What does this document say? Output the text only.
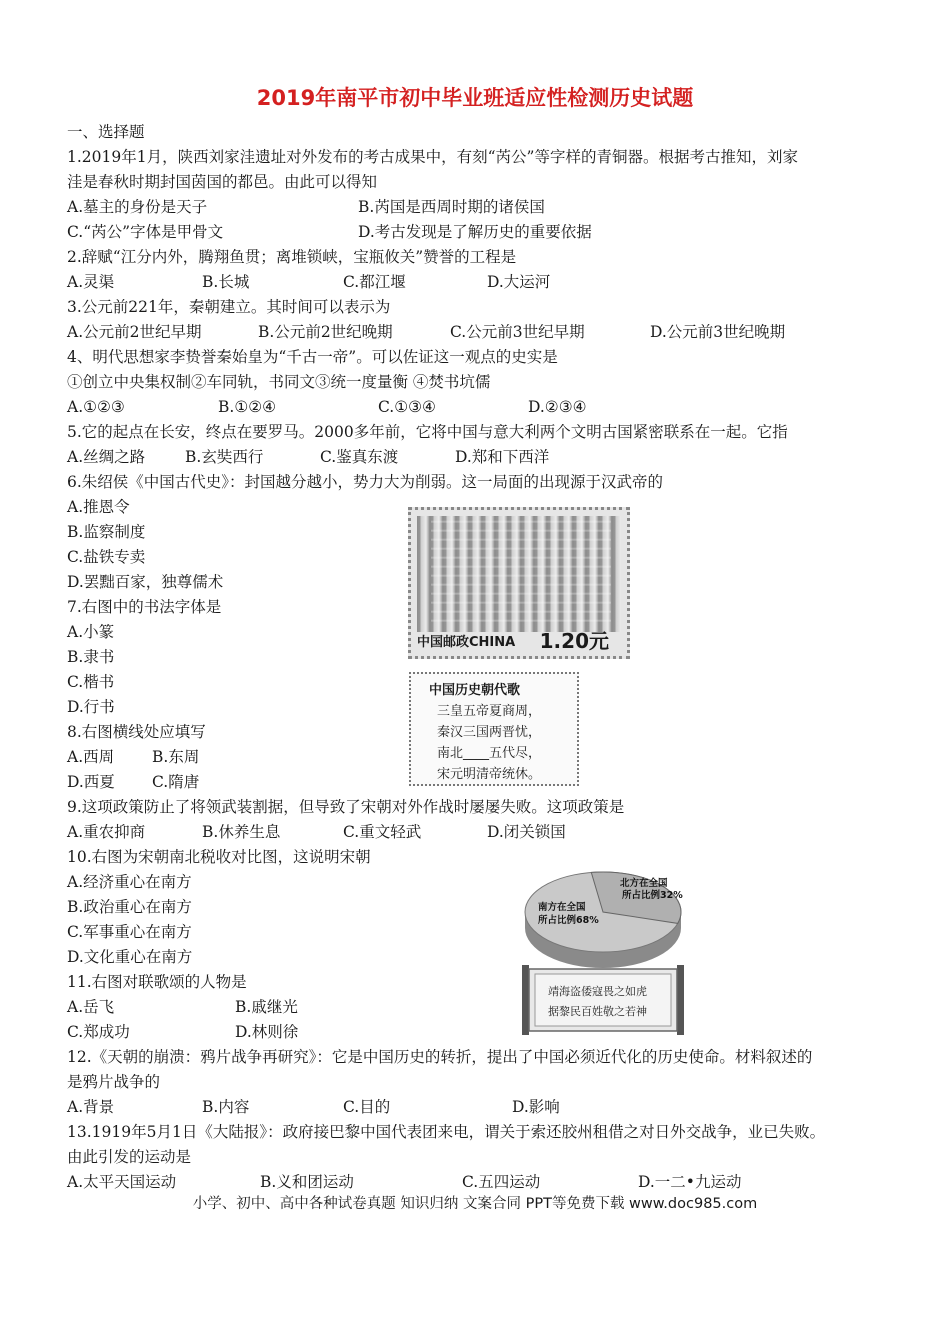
2019年南平市初中毕业班适应性检测历史试题
一、选择题
1.2019年1月，陕西刘家洼遗址对外发布的考古成果中，有刻“芮公”等字样的青铜器。根据考古推知，刘家
洼是春秋时期封国茵国的都邑。由此可以得知
A.墓主的身份是天子	B.芮国是西周时期的诸侯国
C.“芮公”字体是甲骨文	D.考古发现是了解历史的重要依据
2.辞赋“江分内外，腾翔鱼贯；离堆锁峡，宝瓶攸关”赞誉的工程是
A.灵渠	B.长城	C.都江堰	D.大运河
3.公元前221年，秦朝建立。其时间可以表示为
A.公元前2世纪早期	B.公元前2世纪晚期	C.公元前3世纪早期	D.公元前3世纪晚期
4、明代思想家李贽誉秦始皇为“千古一帝”。可以佐证这一观点的史实是
①创立中央集权制②车同轨，书同文③统一度量衡 ④焚书坑儒
A.①②③	B.①②④	C.①③④	D.②③④
5.它的起点在长安，终点在要罗马。2000多年前，它将中国与意大利两个文明古国紧密联系在一起。它指
A.丝绸之路	B.玄奘西行	C.鉴真东渡	D.郑和下西洋
6.朱绍侯《中国古代史》：封国越分越小，势力大为削弱。这一局面的出现源于汉武帝的
A.推恩令
B.监察制度
C.盐铁专卖
D.罢黜百家，独尊儒术
7.右图中的书法字体是
A.小篆
B.隶书
C.楷书
D.行书
8.右图横线处应填写
A.西周 B.东周
D.西夏 C.隋唐
9.这项政策防止了将领武装割据，但导致了宋朝对外作战时屡屡失败。这项政策是
A.重农抑商	B.休养生息	C.重文轻武	D.闭关锁国
10.右图为宋朝南北税收对比图，这说明宋朝
A.经济重心在南方
B.政治重心在南方
C.军事重心在南方
D.文化重心在南方
11.右图对联歌颂的人物是
A.岳飞	B.戚继光
C.郑成功	D.林则徐
12.《天朝的崩溃：鸦片战争再研究》：它是中国历史的转折，提出了中国必须近代化的历史使命。材料叙述的
是鸦片战争的
A.背景	B.内容	C.目的	D.影响
13.1919年5月1日《大陆报》：政府接巴黎中国代表团来电，谓关于索还胶州租借之对日外交战争，业已失败。
由此引发的运动是
A.太平天国运动	B.义和团运动	C.五四运动	D.一二•九运动
中国邮政CHINA 1.20元
中国历史朝代歌
三皇五帝夏商周，
秦汉三国两晋忧，
南北____五代尽，
宋元明清帝统休。
北方在全国
所占比例32%
南方在全国
所占比例68%
靖海盗倭寇畏之如虎
据黎民百姓敬之若神
小学、初中、高中各种试卷真题 知识归纳 文案合同 PPT等免费下载 www.doc985.com
